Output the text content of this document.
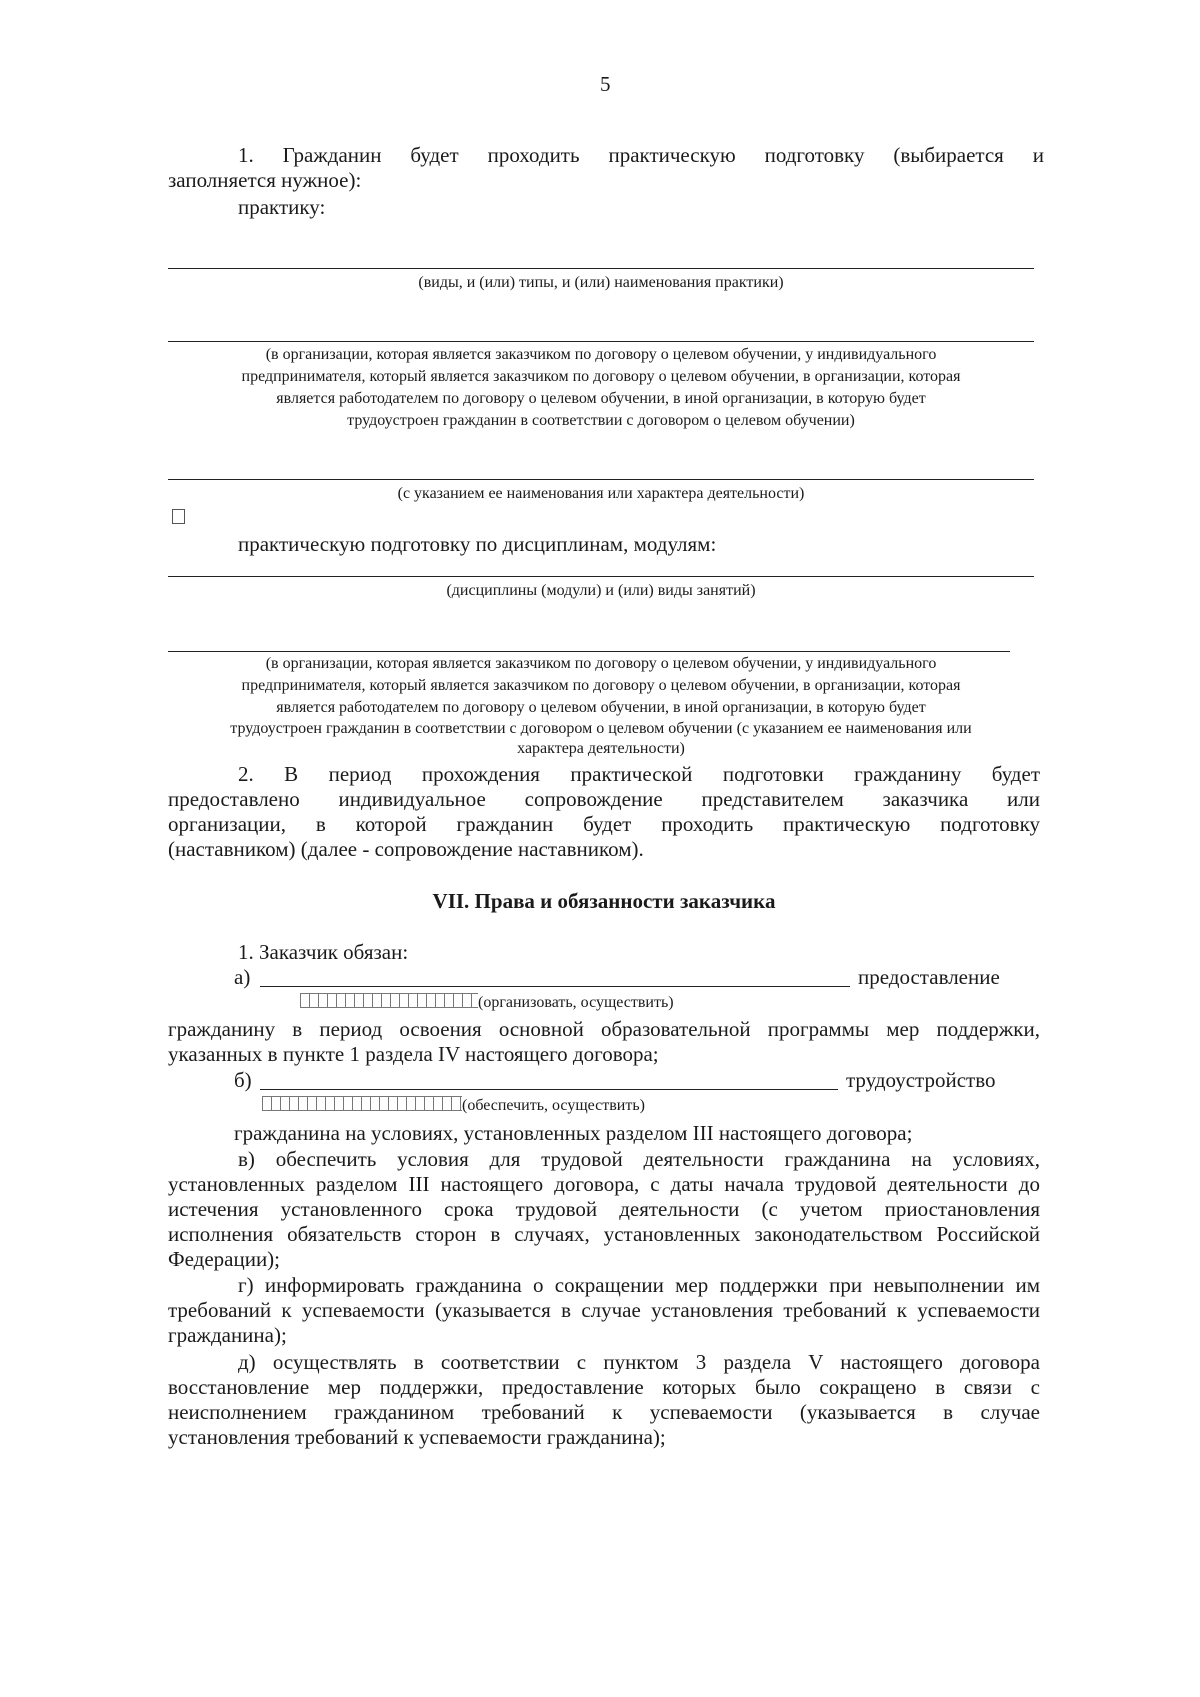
5
1. Гражданин будет проходить практическую подготовку (выбирается и
заполняется нужное):
практику:
(виды, и (или) типы, и (или) наименования практики)
(в организации, которая является заказчиком по договору о целевом обучении, у индивидуального
предпринимателя, который является заказчиком по договору о целевом обучении, в организации, которая
является работодателем по договору о целевом обучении, в иной организации, в которую будет
трудоустроен гражданин в соответствии с договором о целевом обучении)
(с указанием ее наименования или характера деятельности)
практическую подготовку по дисциплинам, модулям:
(дисциплины (модули) и (или) виды занятий)
(в организации, которая является заказчиком по договору о целевом обучении, у индивидуального
предпринимателя, который является заказчиком по договору о целевом обучении, в организации, которая
является работодателем по договору о целевом обучении, в иной организации, в которую будет
трудоустроен гражданин в соответствии с договором о целевом обучении (с указанием ее наименования или
характера деятельности)
2. В период прохождения практической подготовки гражданину будет
предоставлено индивидуальное сопровождение представителем заказчика или
организации, в которой гражданин будет проходить практическую подготовку
(наставником) (далее - сопровождение наставником).
VII. Права и обязанности заказчика
1. Заказчик обязан:
а)	предоставление
(организовать, осуществить)
гражданину в период освоения основной образовательной программы мер поддержки,
указанных в пункте 1 раздела IV настоящего договора;
б)	трудоустройство
(обеспечить, осуществить)
гражданина на условиях, установленных разделом III настоящего договора;
в) обеспечить условия для трудовой деятельности гражданина на условиях,
установленных разделом III настоящего договора, с даты начала трудовой деятельности до
истечения установленного срока трудовой деятельности (с учетом приостановления
исполнения обязательств сторон в случаях, установленных законодательством Российской
Федерации);
г) информировать гражданина о сокращении мер поддержки при невыполнении им
требований к успеваемости (указывается в случае установления требований к успеваемости
гражданина);
д) осуществлять в соответствии с пунктом 3 раздела V настоящего договора
восстановление мер поддержки, предоставление которых было сокращено в связи с
неисполнением гражданином требований к успеваемости (указывается в случае
установления требований к успеваемости гражданина);
